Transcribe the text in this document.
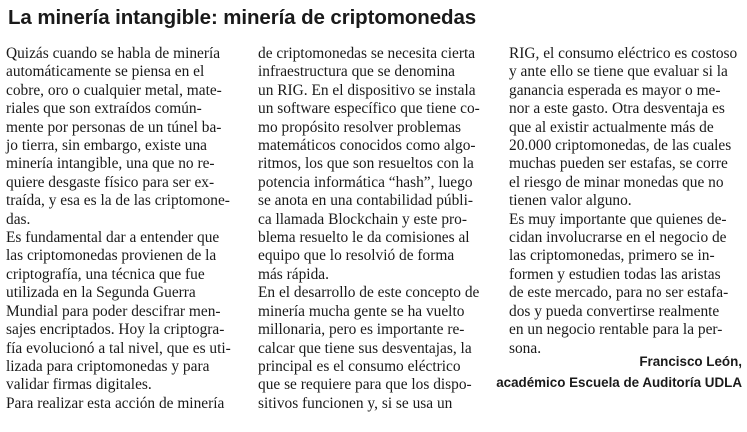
La minería intangible: minería de criptomonedas

Quizás cuando se habla de minería
automáticamente se piensa en el
cobre, oro o cualquier metal, mate-
riales que son extraídos común-
mente por personas de un túnel ba-
jo tierra, sin embargo, existe una
minería intangible, una que no re-
quiere desgaste físico para ser ex-
traída, y esa es la de las criptomone-
das.

Es fundamental dar a entender que
las criptomonedas provienen de la
criptografía, una técnica que fue
utilizada en la Segunda Guerra
Mundial para poder descifrar men-
sajes encriptados. Hoy la criptogra-
fía evolucionó a tal nivel, que es uti-
lizada para criptomonedas y para
validar firmas digitales.

Para realizar esta acción de minería

de criptomonedas se necesita cierta
infraestructura que se denomina
un RIG. En el dispositivo se instala
un software específico que tiene co-
mo propósito resolver problemas
matemáticos conocidos como algo-
ritmos, los que son resueltos con la
potencia informática “hash”, luego
se anota en una contabilidad públi-
ca llamada Blockchain y este pro-
blema resuelto le da comisiones al
equipo que lo resolvió de forma
más rápida.

En el desarrollo de este concepto de
minería mucha gente se ha vuelto
millonaria, pero es importante re-
calcar que tiene sus desventajas, la
principal es el consumo eléctrico
que se requiere para que los dispo-
sitivos funcionen y, si se usa un

RIG, el consumo eléctrico es costoso
y ante ello se tiene que evaluar si la
ganancia esperada es mayor o me-
nor a este gasto. Otra desventaja es
que al existir actualmente más de
20.000 criptomonedas, de las cuales
muchas pueden ser estafas, se corre
el riesgo de minar monedas que no
tienen valor alguno.

Es muy importante que quienes de-
cidan involucrarse en el negocio de
las criptomonedas, primero se in-
formen y estudien todas las aristas
de este mercado, para no ser estafa-
dos y pueda convertirse realmente
en un negocio rentable para la per-
sona.

Francisco León,
académico Escuela de Auditoría UDLA
